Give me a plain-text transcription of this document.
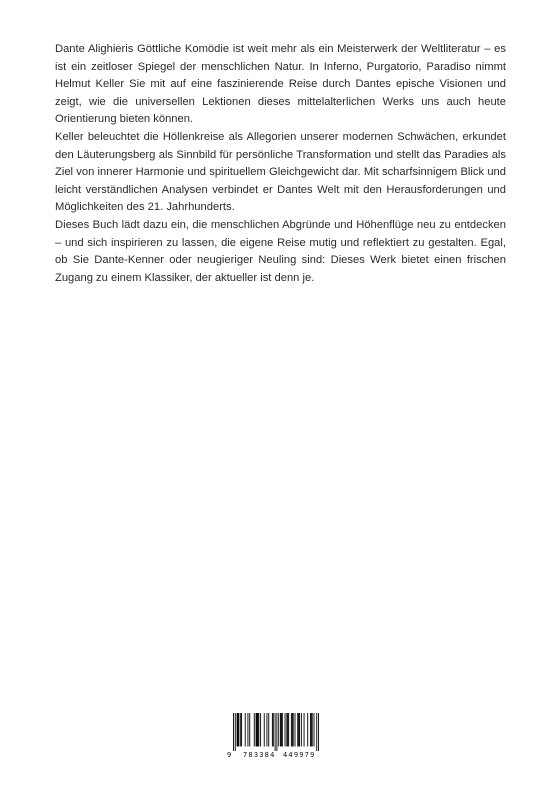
Dante Alighieris Göttliche Komödie ist weit mehr als ein Meisterwerk der Weltliteratur – es ist ein zeitloser Spiegel der menschlichen Natur. In Inferno, Purgatorio, Paradiso nimmt Helmut Keller Sie mit auf eine faszinierende Reise durch Dantes epische Visionen und zeigt, wie die universellen Lektionen dieses mittelalterlichen Werks uns auch heute Orientierung bieten können.

Keller beleuchtet die Höllenkreise als Allegorien unserer modernen Schwächen, erkundet den Läuterungsberg als Sinnbild für persönliche Transformation und stellt das Paradies als Ziel von innerer Harmonie und spirituellem Gleichgewicht dar. Mit scharfsinnigem Blick und leicht verständlichen Analysen verbindet er Dantes Welt mit den Herausforderungen und Möglichkeiten des 21. Jahrhunderts.

Dieses Buch lädt dazu ein, die menschlichen Abgründe und Höhenflüge neu zu entdecken – und sich inspirieren zu lassen, die eigene Reise mutig und reflektiert zu gestalten. Egal, ob Sie Dante-Kenner oder neugieriger Neuling sind: Dieses Werk bietet einen frischen Zugang zu einem Klassiker, der aktueller ist denn je.

9 783384 449979
